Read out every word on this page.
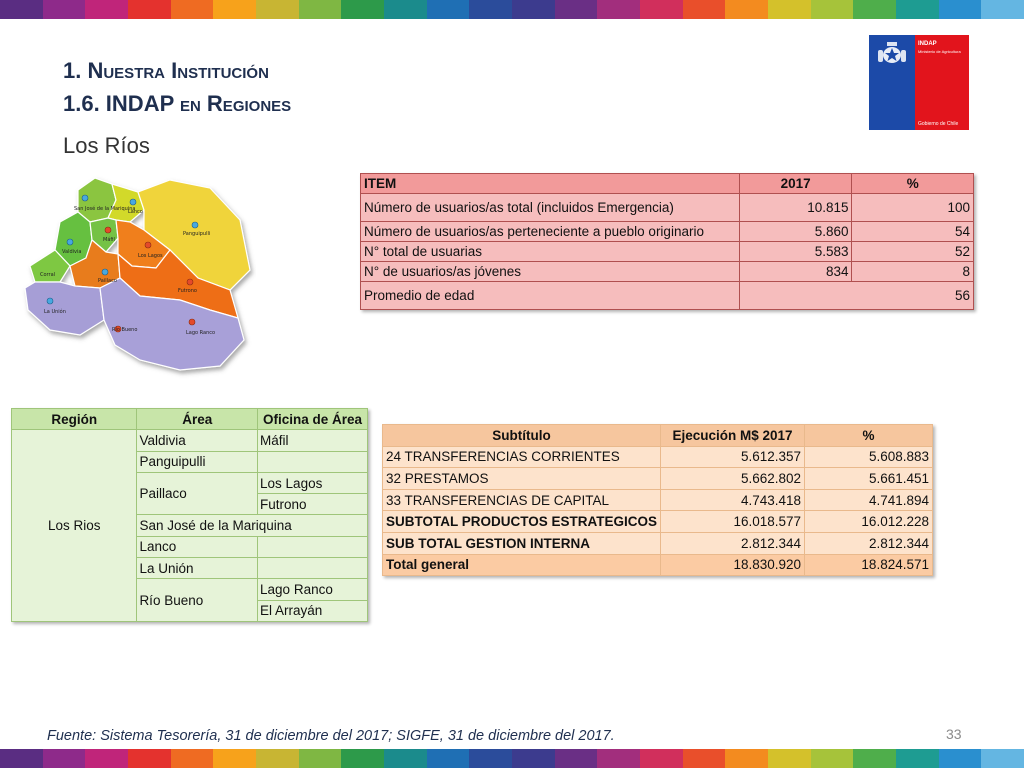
1. Nuestra Institución
1.6. INDAP en Regiones
Los Ríos
INDAP
Ministerio de Agricultura
Gobierno de Chile
San José de la Mariquina
Lanco
Panguipulli
Valdivia
Máfil
Los Lagos
Corral
Paillaco
Futrono
La Unión
Lago Ranco
Río Bueno
ITEM	2017	%
Número de usuarios/as total (incluidos Emergencia)	10.815	100
Número de usuarios/as perteneciente a pueblo originario	5.860	54
N° total de usuarias	5.583	52
N° de usuarios/as jóvenes	834	8
Promedio de edad	56	
Región	Área	Oficina de Área
Los Rios	Valdivia	Máfil
	Panguipulli	
	Paillaco	Los Lagos
		Futrono
	San José de la Mariquina	
	Lanco	
	La Unión	
	Río Bueno	Lago Ranco
		El Arrayán
Subtítulo	Ejecución M$ 2017	%
24 TRANSFERENCIAS CORRIENTES	5.612.357	5.608.883
32 PRESTAMOS	5.662.802	5.661.451
33 TRANSFERENCIAS DE CAPITAL	4.743.418	4.741.894
SUBTOTAL PRODUCTOS ESTRATEGICOS	16.018.577	16.012.228
SUB TOTAL GESTION INTERNA	2.812.344	2.812.344
Total general	18.830.920	18.824.571
Fuente: Sistema Tesorería, 31 de diciembre del 2017; SIGFE, 31 de diciembre del 2017.	33
